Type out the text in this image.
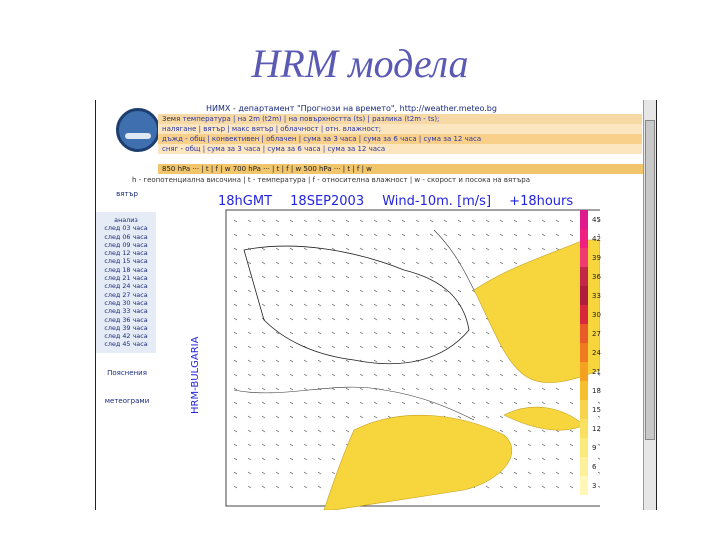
HRM модела
НИМХ - департамент "Прогнози на времето", http://weather.meteo.bg
Земя температура | на 2m (t2m) | на повърхността (ts) | разлика (t2m - ts);
налягане | вятър | макс вятър | облачност | отн. влажност;
дъжд - общ | конвективен | облачен | сума за 3 часа | сума за 6 часа | сума за 12 часа
сняг - общ | сума за 3 часа | сума за 6 часа | сума за 12 часа
850 hPa ··· | t | f | w 700 hPa ··· | t | f | w 500 hPa ··· | t | f | w
h - геопотенциална височина | t - температура | f - относителна влажност | w - скорост и посока на вятъра
вятър
анализ
след 03 часа
след 06 часа
след 09 часа
след 12 часа
след 15 часа
след 18 часа
след 21 часа
след 24 часа
след 27 часа
след 30 часа
след 33 часа
след 36 часа
след 39 часа
след 42 часа
след 45 часа
Пояснения
метеограми
18hGMT 18SEP2003 Wind-10m. [m/s] +18hours
HRM-BULGARIA
45
42
39
36
33
30
27
24
21
18
15
12
9
6
3
